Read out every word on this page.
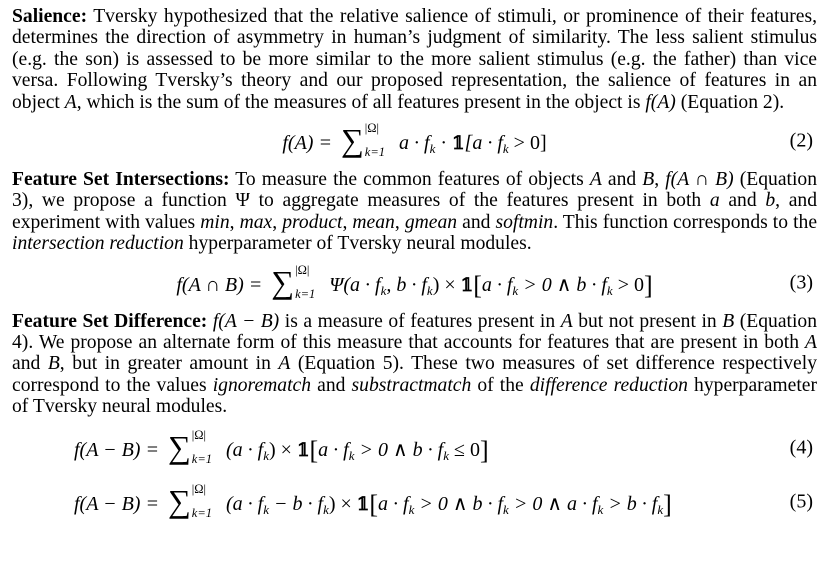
Salience: Tversky hypothesized that the relative salience of stimuli, or prominence of their features, determines the direction of asymmetry in human’s judgment of similarity. The less salient stimulus (e.g. the son) is assessed to be more similar to the more salient stimulus (e.g. the father) than vice versa. Following Tversky’s theory and our proposed representation, the salience of features in an object A, which is the sum of the measures of all features present in the object is f(A) (Equation 2).

f(A) = ∑ |Ω|
k=1 $a \cdot f_k$ · 𝟙[a · $f_k > 0$]	(2)

Feature Set Intersections: To measure the common features of objects A and B, f(A ∩ B) (Equation 3), we propose a function Ψ to aggregate measures of the features present in both a and b, and experiment with values min, max, product, mean, gmean and softmin. This function corresponds to the intersection reduction hyperparameter of Tversky neural modules.

f(A ∩ B) = ∑ |Ω|
k=1 $\Psi(a \cdot f_k$, $b \cdot f_k$) × 𝟙[a · $f_k > 0$ ∧ $b \cdot f_k > 0$]	(3)

Feature Set Difference: f(A − B) is a measure of features present in A but not present in B (Equation 4). We propose an alternate form of this measure that accounts for features that are present in both A and B, but in greater amount in A (Equation 5). These two measures of set difference respectively correspond to the values ignorematch and substractmatch of the difference reduction hyperparameter of Tversky neural modules.

f(A − B) = ∑ |Ω|
k=1 $(a \cdot f_k)$ × 𝟙[a · $f_k > 0$ ∧ $b \cdot f_k \le 0$]	(4)
f(A − B) = ∑ |Ω|
k=1 $(a \cdot f_k - b \cdot f_k)$ × 𝟙[a · $f_k > 0$ ∧ $b \cdot f_k > 0$ ∧ $a \cdot f_k > b \cdot f_k$]	(5)
